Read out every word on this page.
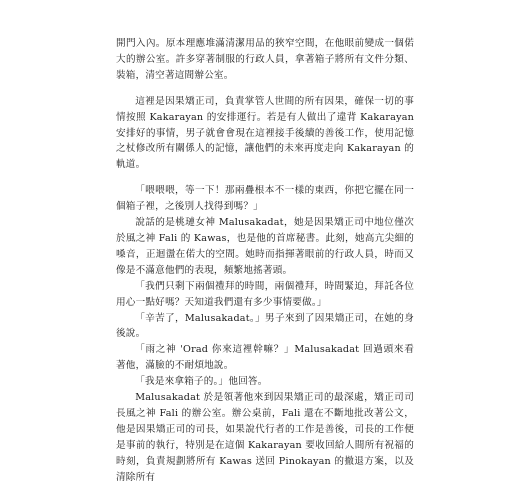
開門入內。原本理應堆滿清潔用品的狹窄空間，在他眼前變成一個偌大的辦公室。許多穿著制服的行政人員，拿著箱子將所有文件分類、裝箱，清空著這間辦公室。

這裡是因果矯正司，負責掌管人世間的所有因果，確保一切的事情按照 Kakarayan 的安排運行。若是有人做出了違背 Kakarayan 安排好的事情，男子就會會現在這裡接手後續的善後工作，使用記憶之杖修改所有關係人的記憶，讓他們的未來再度走向 Kakarayan 的軌道。

「喂喂喂，等一下！那兩疊根本不一樣的東西，你把它擺在同一個箱子裡，之後別人找得到嗎？」

說話的是桃璉女神 Malusakadat，她是因果矯正司中地位僅次於風之神 Fali 的 Kawas，也是他的首席秘書。此刻，她高亢尖細的嗓音，正迴盪在偌大的空間。她時而指揮著眼前的行政人員，時而又像是不滿意他們的表現，頻繁地搖著頭。

「我們只剩下兩個禮拜的時間，兩個禮拜，時間緊迫，拜託各位用心一點好嗎？天知道我們還有多少事情要做。」

「辛苦了，Malusakadat。」男子來到了因果矯正司，在她的身後說。

「雨之神 'Orad 你來這裡幹嘛？」Malusakadat 回過頭來看著他，滿臉的不耐煩地說。

「我是來拿箱子的。」他回答。

Malusakadat 於是領著他來到因果矯正司的最深處，矯正司司長風之神 Fali 的辦公室。辦公桌前，Fali 還在不斷地批改著公文，他是因果矯正司的司長，如果說代行者的工作是善後，司長的工作便是事前的執行，特別是在這個 Kakarayan 要收回給人間所有祝福的時刻，負責規劃將所有 Kawas 送回 Pinokayan 的撤退方案，以及清除所有
